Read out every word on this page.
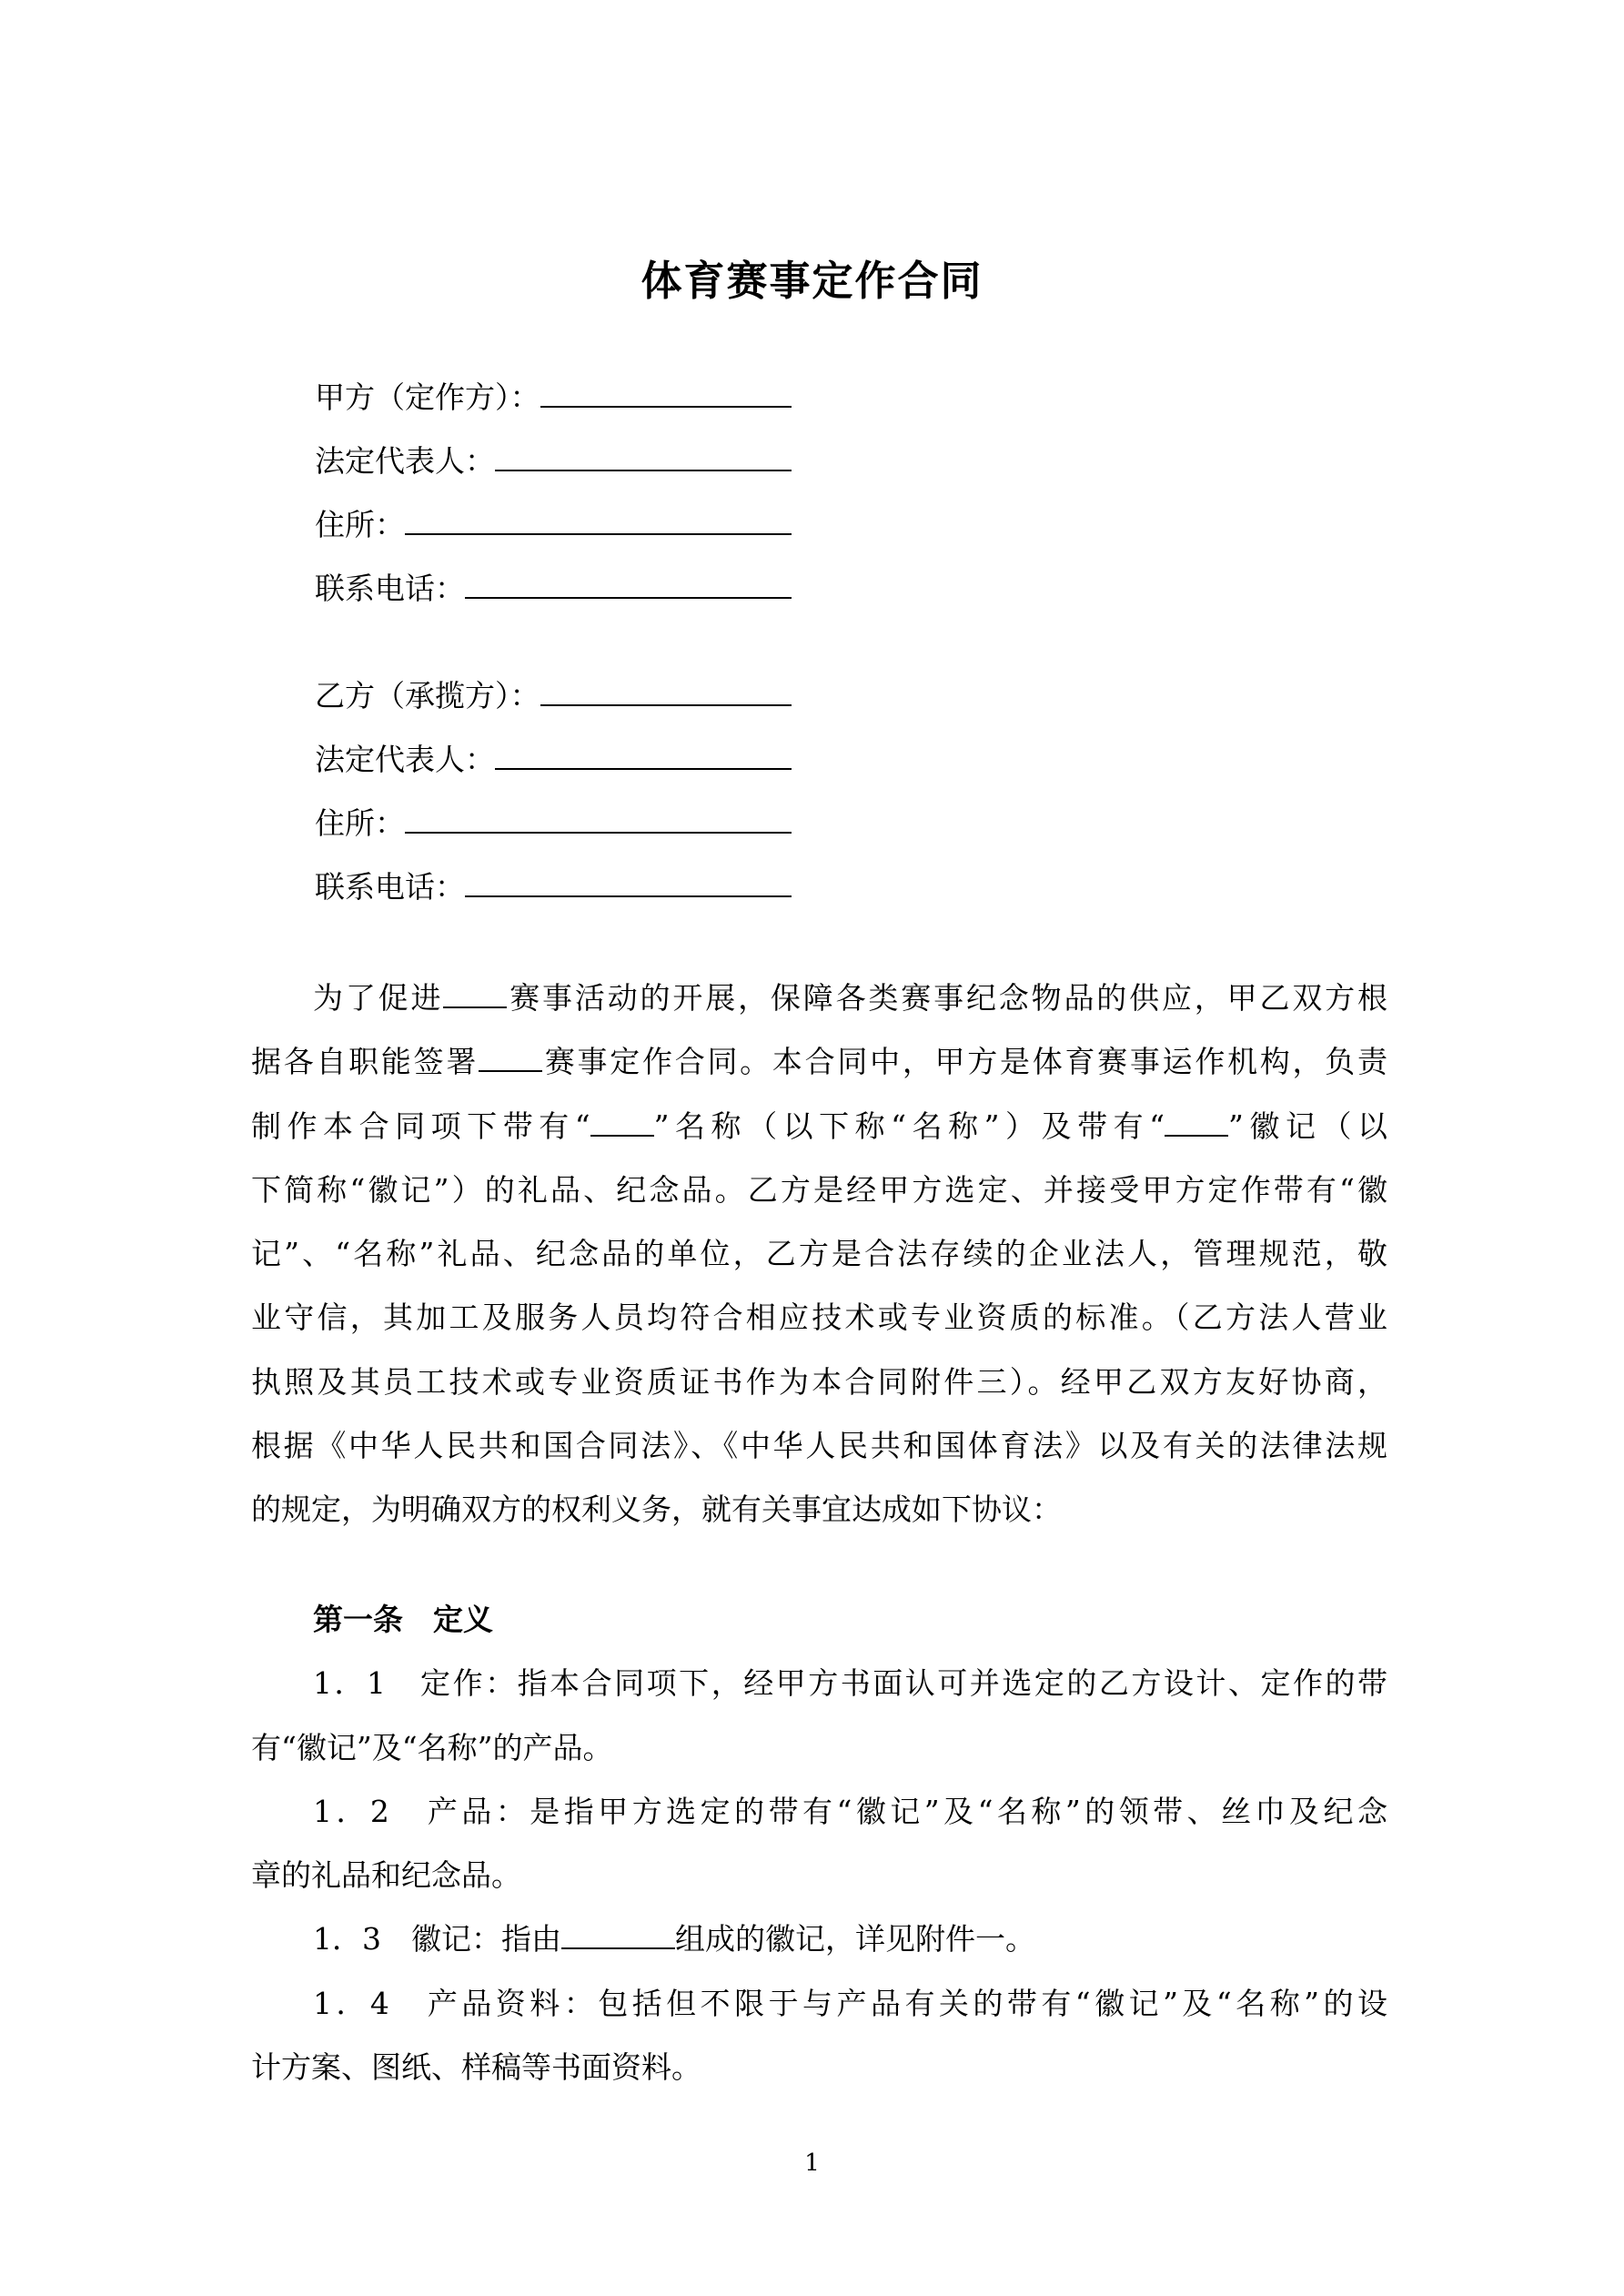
体育赛事定作合同
甲方（定作方）：
法定代表人：
住所：
联系电话：
乙方（承揽方）：
法定代表人：
住所：
联系电话：
为了促进 赛事活动的开展，保障各类赛事纪念物品的供应，甲乙双方根
据各自职能签署 赛事定作合同。本合同中，甲方是体育赛事运作机构，负责
制作本合同项下带有“ ”名称（以下称“名称”）及带有“ ”徽记（以
下简称“徽记”）的礼品、纪念品。乙方是经甲方选定、并接受甲方定作带有“徽
记”、“名称”礼品、纪念品的单位，乙方是合法存续的企业法人，管理规范，敬
业守信，其加工及服务人员均符合相应技术或专业资质的标准。（乙方法人营业
执照及其员工技术或专业资质证书作为本合同附件三）。经甲乙双方友好协商，
根据《中华人民共和国合同法》、《中华人民共和国体育法》以及有关的法律法规
的规定，为明确双方的权利义务，就有关事宜达成如下协议：
第一条　定义
1．1　定作：指本合同项下，经甲方书面认可并选定的乙方设计、定作的带
有“徽记”及“名称”的产品。
1．2　产品：是指甲方选定的带有“徽记”及“名称”的领带、丝巾及纪念
章的礼品和纪念品。
1．3　徽记：指由	组成的徽记，详见附件一。
1．4　产品资料：包括但不限于与产品有关的带有“徽记”及“名称”的设
计方案、图纸、样稿等书面资料。
1
